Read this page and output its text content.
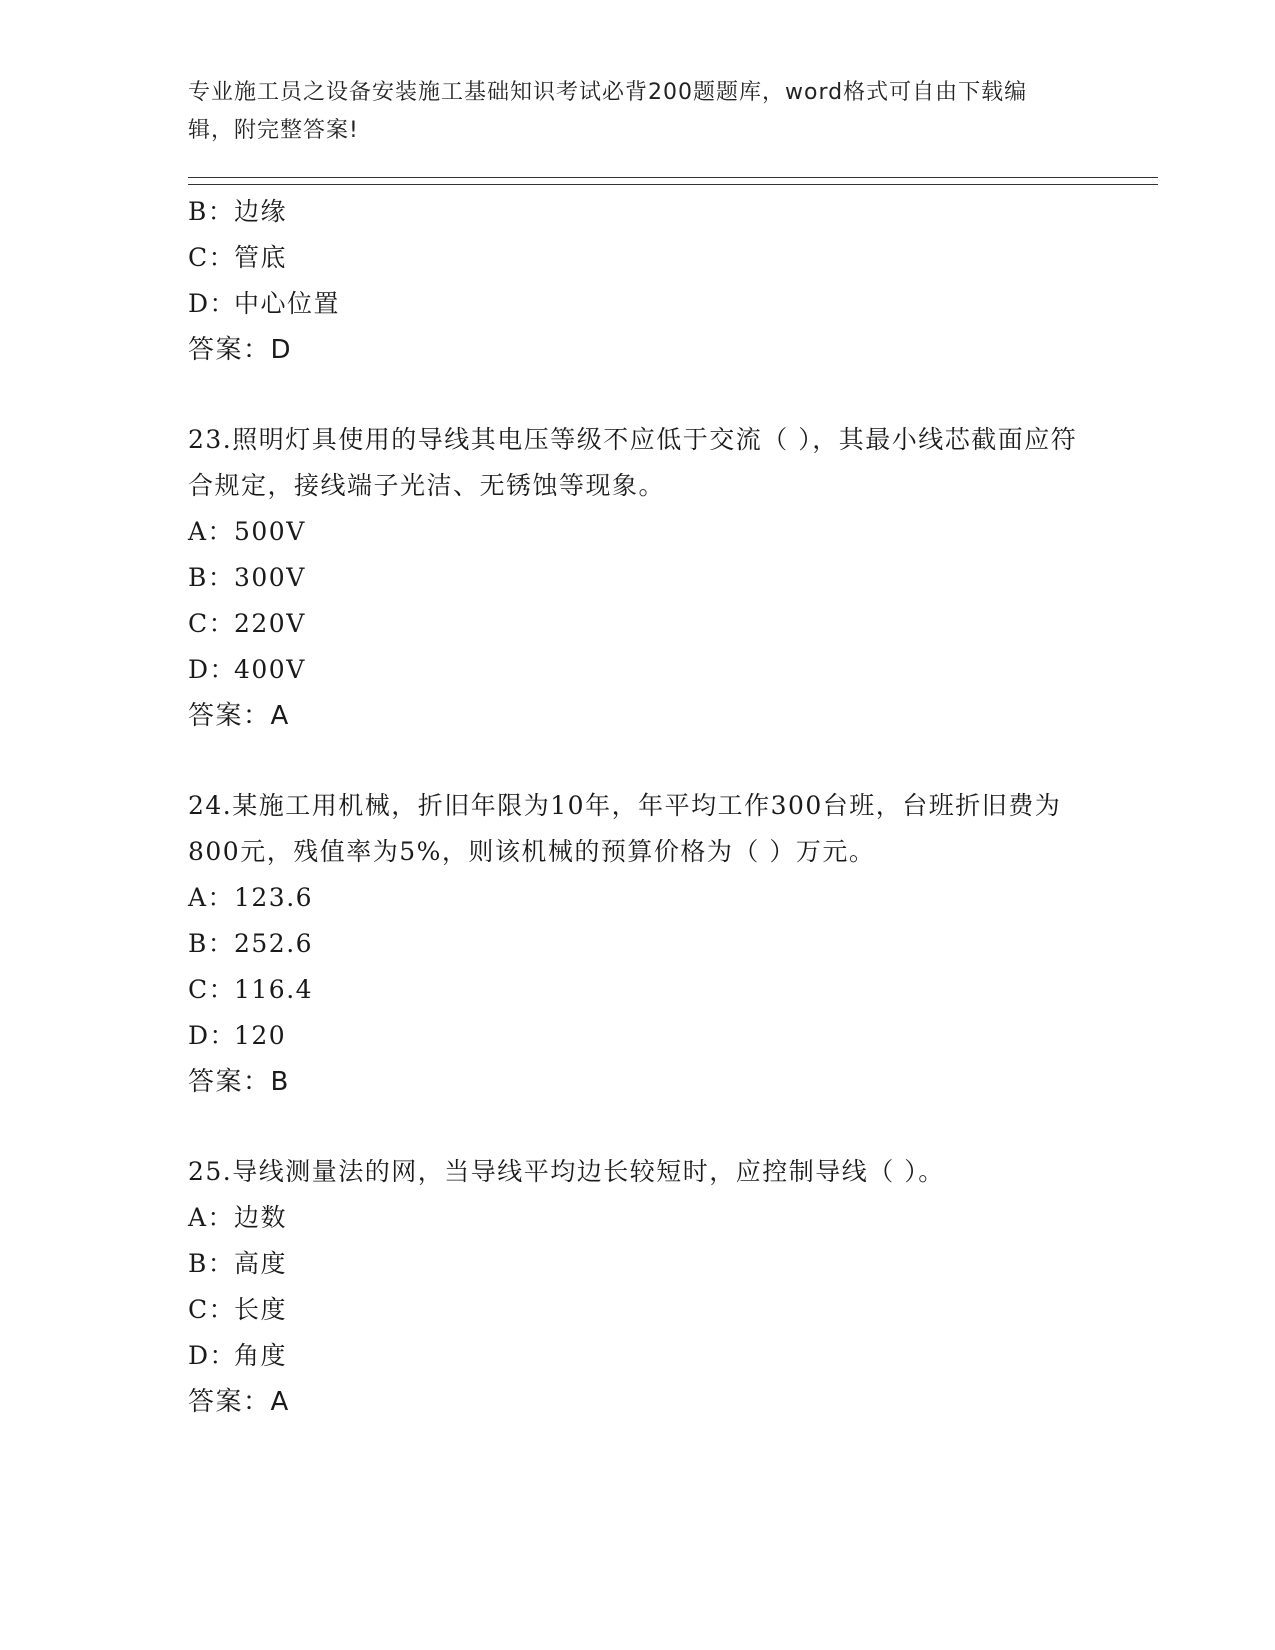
专业施工员之设备安装施工基础知识考试必背200题题库，word格式可自由下载编辑，附完整答案!
B：边缘
C：管底
D：中心位置
答案：D
23.照明灯具使用的导线其电压等级不应低于交流（ ），其最小线芯截面应符合规定，接线端子光洁、无锈蚀等现象。
A：500V
B：300V
C：220V
D：400V
答案：A
24.某施工用机械，折旧年限为10年，年平均工作300台班，台班折旧费为800元，残值率为5%，则该机械的预算价格为（ ）万元。
A：123.6
B：252.6
C：116.4
D：120
答案：B
25.导线测量法的网，当导线平均边长较短时，应控制导线（ ）。
A：边数
B：高度
C：长度
D：角度
答案：A
